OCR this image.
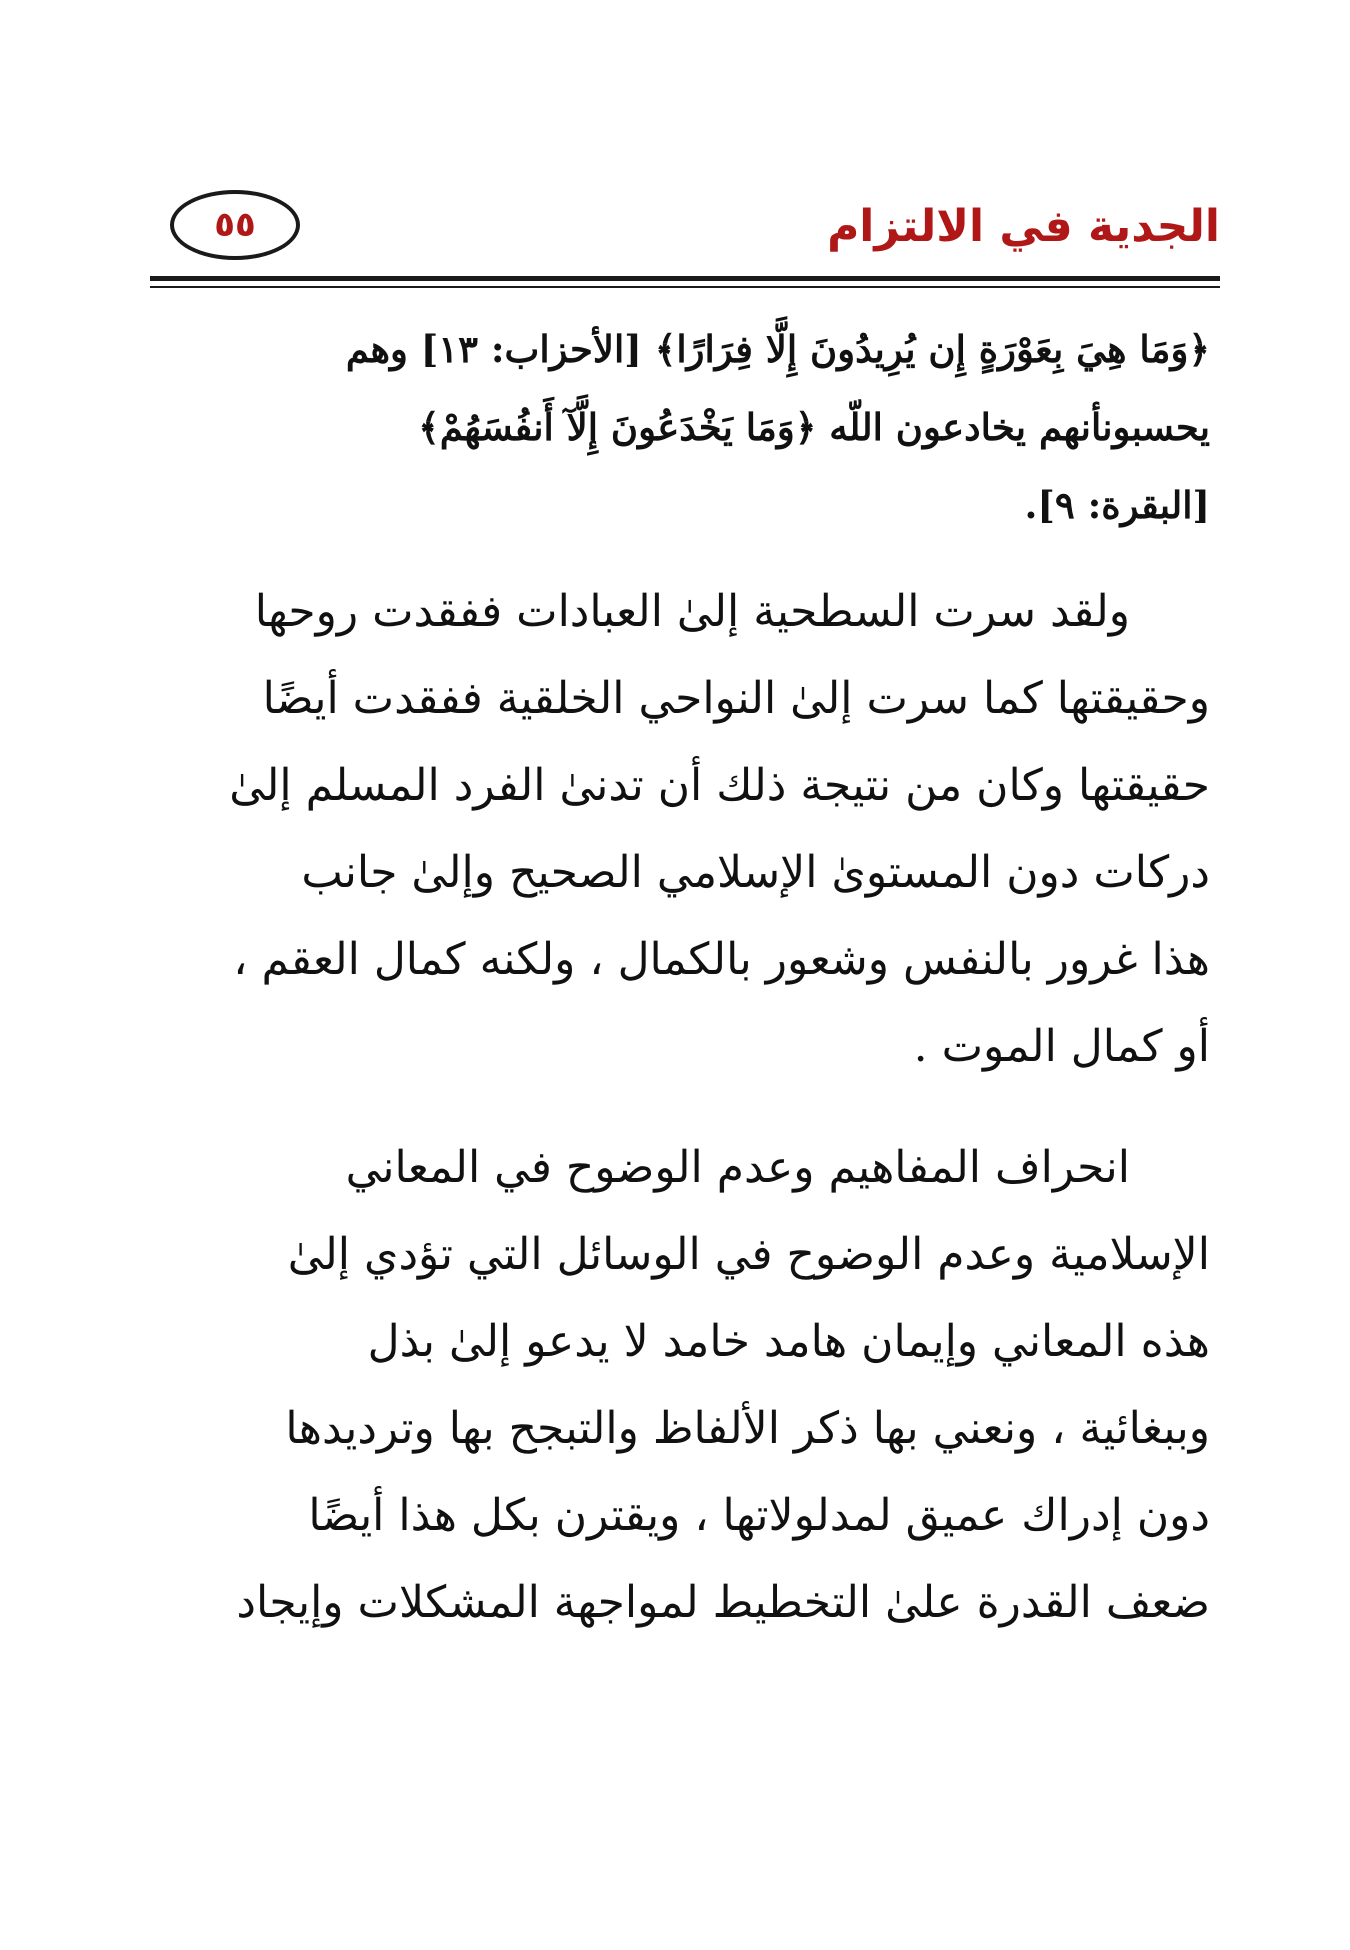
الجدية في الالتزام
٥٥
﴿وَمَا هِيَ بِعَوْرَةٍ إِن يُرِيدُونَ إِلَّا فِرَارًا﴾ [الأحزاب: ١٣] وهم
يحسبونأنهم يخادعون اللّه ﴿وَمَا يَخْدَعُونَ إِلَّآ أَنفُسَهُمْ﴾
[البقرة: ٩].
ولقد سرت السطحية إلىٰ العبادات ففقدت روحها
وحقيقتها كما سرت إلىٰ النواحي الخلقية ففقدت أيضًا
حقيقتها وكان من نتيجة ذلك أن تدنىٰ الفرد المسلم إلىٰ
دركات دون المستوىٰ الإسلامي الصحيح وإلىٰ جانب
هذا غرور بالنفس وشعور بالكمال ، ولكنه كمال العقم ،
أو كمال الموت .
انحراف المفاهيم وعدم الوضوح في المعاني
الإسلامية وعدم الوضوح في الوسائل التي تؤدي إلىٰ
هذه المعاني وإيمان هامد خامد لا يدعو إلىٰ بذل
وببغائية ، ونعني بها ذكر الألفاظ والتبجح بها وترديدها
دون إدراك عميق لمدلولاتها ، ويقترن بكل هذا أيضًا
ضعف القدرة علىٰ التخطيط لمواجهة المشكلات وإيجاد
